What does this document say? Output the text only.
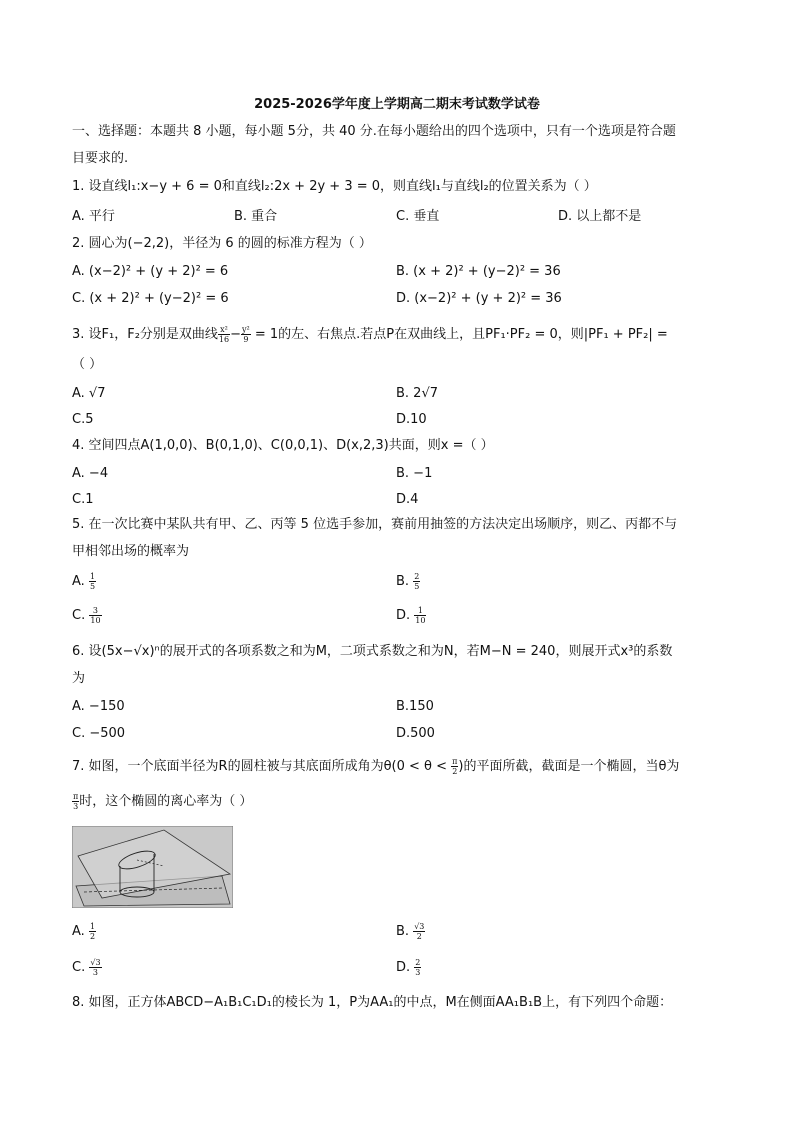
2025-2026学年度上学期高二期末考试数学试卷
一、选择题：本题共 8 小题，每小题 5分，共 40 分.在每小题给出的四个选项中，只有一个选项是符合题
目要求的.
1. 设直线l₁:x−y + 6 = 0和直线l₂:2x + 2y + 3 = 0，则直线l₁与直线l₂的位置关系为（ ）
A. 平行	B. 重合	C. 垂直	D. 以上都不是
2. 圆心为(−2,2)，半径为 6 的圆的标准方程为（ ）
A. (x−2)² + (y + 2)² = 6	B. (x + 2)² + (y−2)² = 36
C. (x + 2)² + (y−2)² = 6	D. (x−2)² + (y + 2)² = 36
3. 设F₁，F₂分别是双曲线 $\frac{\text{x²}}{16} - \frac{\text{y²}}{9} = 1$的左、右焦点.若点P在双曲线上，且PF₁·PF₂ = 0，则|PF₁ + PF₂| =
（ ）
A. √7	B. 2√7
C.5	D.10
4. 空间四点A(1,0,0)、B(0,1,0)、C(0,0,1)、D(x,2,3)共面，则x =（ ）
A. −4	B. −1
C.1	D.4
5. 在一次比赛中某队共有甲、乙、丙等 5 位选手参加，赛前用抽签的方法决定出场顺序，则乙、丙都不与
甲相邻出场的概率为
A. $\frac{1}{5}$	B. $\frac{2}{5}$
C. $\frac{3}{10}$	D. $\frac{1}{10}$
6. 设(5x−√x)ⁿ的展开式的各项系数之和为M，二项式系数之和为N，若M−N = 240，则展开式x³的系数
为
A. −150	B.150
C. −500	D.500
7. 如图，一个底面半径为R的圆柱被与其底面所成角为$\theta(0 < \theta < \frac{\pi}{2}$ )的平面所截，截面是一个椭圆，当θ为
$\frac{\pi}{3}$ 时，这个椭圆的离心率为（ ）
A. $\frac{1}{2}$	B. $\frac{√3}{2}$
C. $\frac{√3}{3}$	D. $\frac{2}{3}$
8. 如图，正方体ABCD−A₁B₁C₁D₁的棱长为 1，P为AA₁的中点，M在侧面AA₁B₁B上，有下列四个命题：
